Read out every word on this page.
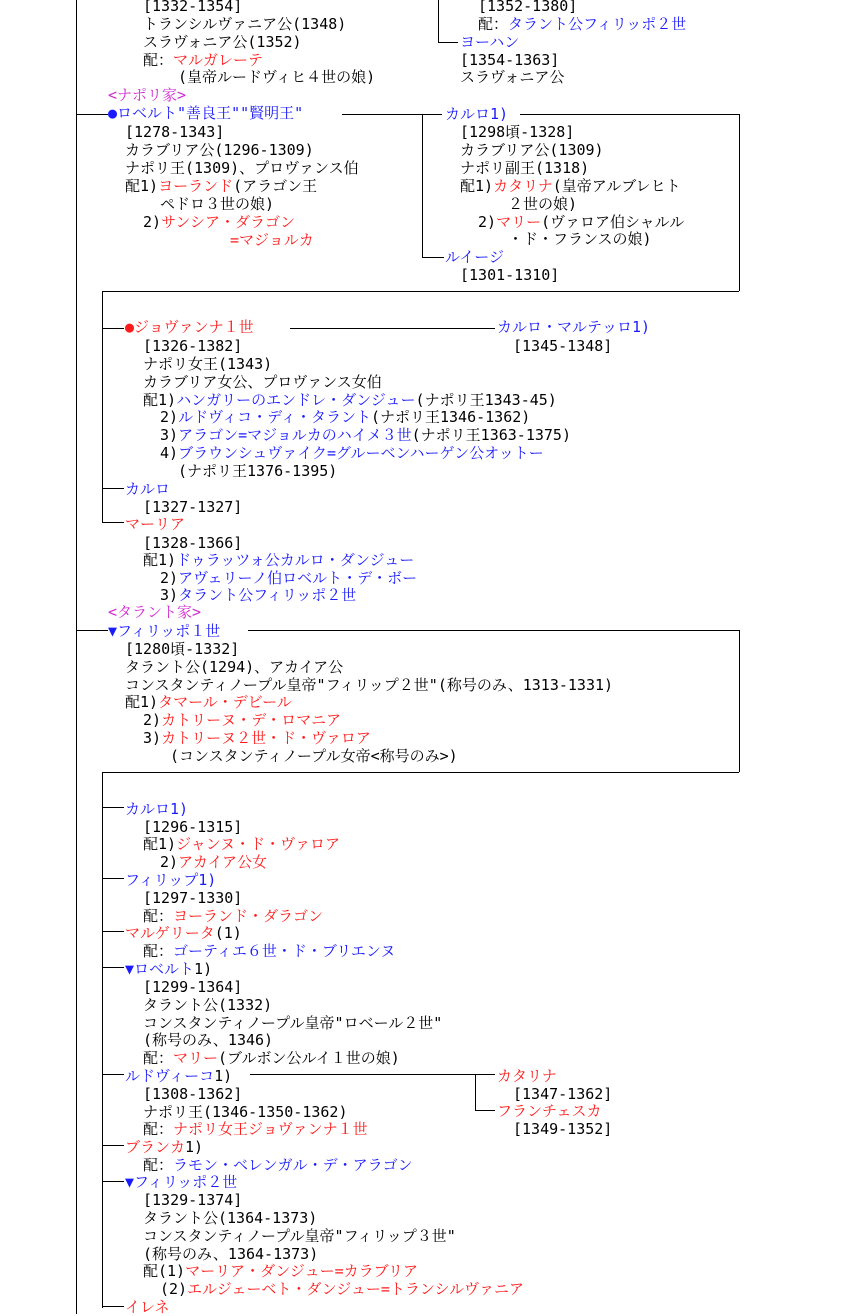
[1332-1354]
トランシルヴァニア公(1348)
スラヴォニア公(1352)
配：マルガレーテ
(皇帝ルードヴィヒ４世の娘)
[1352-1380]
配：タラント公フィリッポ２世
ヨーハン
[1354-1363]
スラヴォニア公
<ナポリ家>
●ロベルト"善良王""賢明王"
[1278-1343]
カラブリア公(1296-1309)
ナポリ王(1309)、プロヴァンス伯
配1)ヨーランド(アラゴン王
ペドロ３世の娘)
2)サンシア・ダラゴン
=マジョルカ
カルロ1)
[1298頃-1328]
カラブリア公(1309)
ナポリ副王(1318)
配1)カタリナ(皇帝アルブレヒト
２世の娘)
2)マリー(ヴァロア伯シャルル
・ド・フランスの娘)
ルイージ
[1301-1310]
●ジョヴァンナ１世	カルロ・マルテッロ1)
[1326-1382]	[1345-1348]
ナポリ女王(1343)
カラブリア女公、プロヴァンス女伯
配1)ハンガリーのエンドレ・ダンジュー(ナポリ王1343-45)
2)ルドヴィコ・ディ・タラント(ナポリ王1346-1362)
3)アラゴン=マジョルカのハイメ３世(ナポリ王1363-1375)
4)ブラウンシュヴァイク=グルーベンハーゲン公オットー
(ナポリ王1376-1395)
カルロ
[1327-1327]
マーリア
[1328-1366]
配1)ドゥラッツォ公カルロ・ダンジュー
2)アヴェリーノ伯ロベルト・デ・ボー
3)タラント公フィリッポ２世
<タラント家>
▼フィリッポ１世
[1280頃-1332]
タラント公(1294)、アカイア公
コンスタンティノープル皇帝"フィリップ２世"(称号のみ、1313-1331)
配1)タマール・デビール
2)カトリーヌ・デ・ロマニア
3)カトリーヌ２世・ド・ヴァロア
(コンスタンティノープル女帝<称号のみ>)
カルロ1)
[1296-1315]
配1)ジャンヌ・ド・ヴァロア
2)アカイア公女
フィリップ1)
[1297-1330]
配：ヨーランド・ダラゴン
マルゲリータ(1)
配：ゴーティエ６世・ド・ブリエンヌ
▼ロベルト1)
[1299-1364]
タラント公(1332)
コンスタンティノープル皇帝"ロベール２世"
(称号のみ、1346)
配：マリー(ブルボン公ルイ１世の娘)
ルドヴィーコ1)	カタリナ
[1308-1362]	[1347-1362]
ナポリ王(1346-1350-1362)	フランチェスカ
配：ナポリ女王ジョヴァンナ１世	[1349-1352]
ブランカ1)
配：ラモン・ベレンガル・デ・アラゴン
▼フィリッポ２世
[1329-1374]
タラント公(1364-1373)
コンスタンティノープル皇帝"フィリップ３世"
(称号のみ、1364-1373)
配(1)マーリア・ダンジュー=カラブリア
(2)エルジェーベト・ダンジュー=トランシルヴァニア
イレネ
